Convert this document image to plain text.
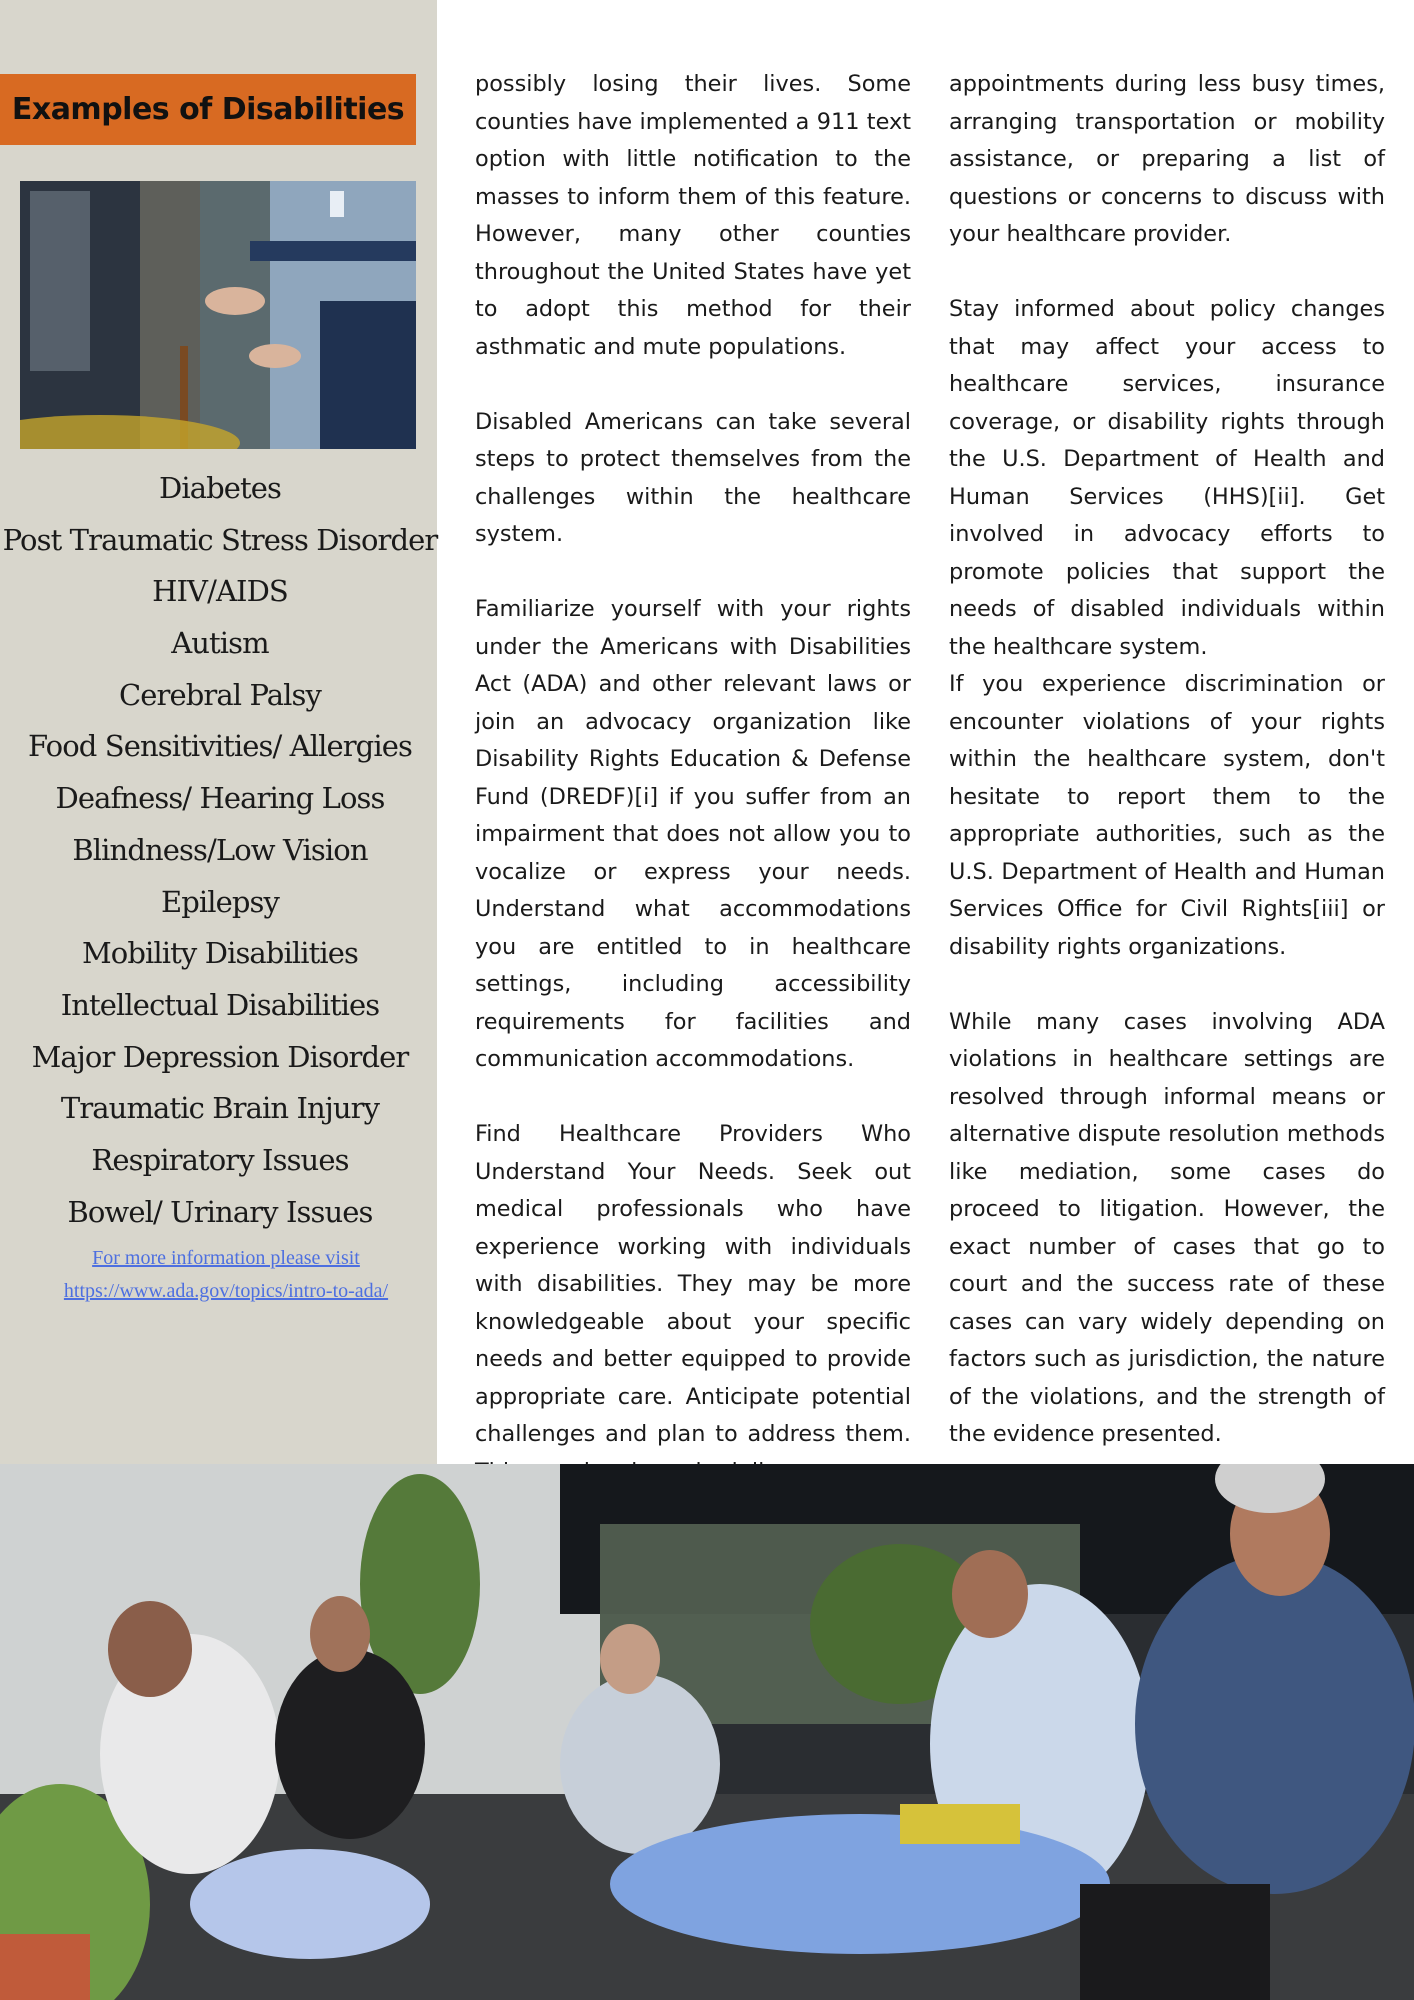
Examples of Disabilities
Diabetes
Post Traumatic Stress Disorder
HIV/AIDS
Autism
Cerebral Palsy
Food Sensitivities/ Allergies
Deafness/ Hearing Loss
Blindness/Low Vision
Epilepsy
Mobility Disabilities
Intellectual Disabilities
Major Depression Disorder
Traumatic Brain Injury
Respiratory Issues
Bowel/ Urinary Issues
For more information please visit
https://www.ada.gov/topics/intro-to-ada/

possibly losing their lives. Some counties have implemented a 911 text option with little notification to the masses to inform them of this feature. However, many other counties throughout the United States have yet to adopt this method for their asthmatic and mute populations.

Disabled Americans can take several steps to protect themselves from the challenges within the healthcare system.

Familiarize yourself with your rights under the Americans with Disabilities Act (ADA) and other relevant laws or join an advocacy organization like Disability Rights Education & Defense Fund (DREDF)[i] if you suffer from an impairment that does not allow you to vocalize or express your needs. Understand what accommodations you are entitled to in healthcare settings, including accessibility requirements for facilities and communication accommodations.

Find Healthcare Providers Who Understand Your Needs. Seek out medical professionals who have experience working with individuals with disabilities. They may be more knowledgeable about your specific needs and better equipped to provide appropriate care. Anticipate potential challenges and plan to address them.

appointments during less busy times, arranging transportation or mobility assistance, or preparing a list of questions or concerns to discuss with your healthcare provider.

Stay informed about policy changes that may affect your access to healthcare services, insurance coverage, or disability rights through the U.S. Department of Health and Human Services (HHS)[ii]. Get involved in advocacy efforts to promote policies that support the needs of disabled individuals within the healthcare system.

If you experience discrimination or encounter violations of your rights within the healthcare system, don't hesitate to report them to the appropriate authorities, such as the U.S. Department of Health and Human Services Office for Civil Rights[iii] or disability rights organizations.

While many cases involving ADA violations in healthcare settings are resolved through informal means or alternative dispute resolution methods like mediation, some cases do proceed to litigation. However, the exact number of cases that go to court and the success rate of these cases can vary widely depending on factors such as jurisdiction, the nature of the violations, and the strength of the evidence presented.
